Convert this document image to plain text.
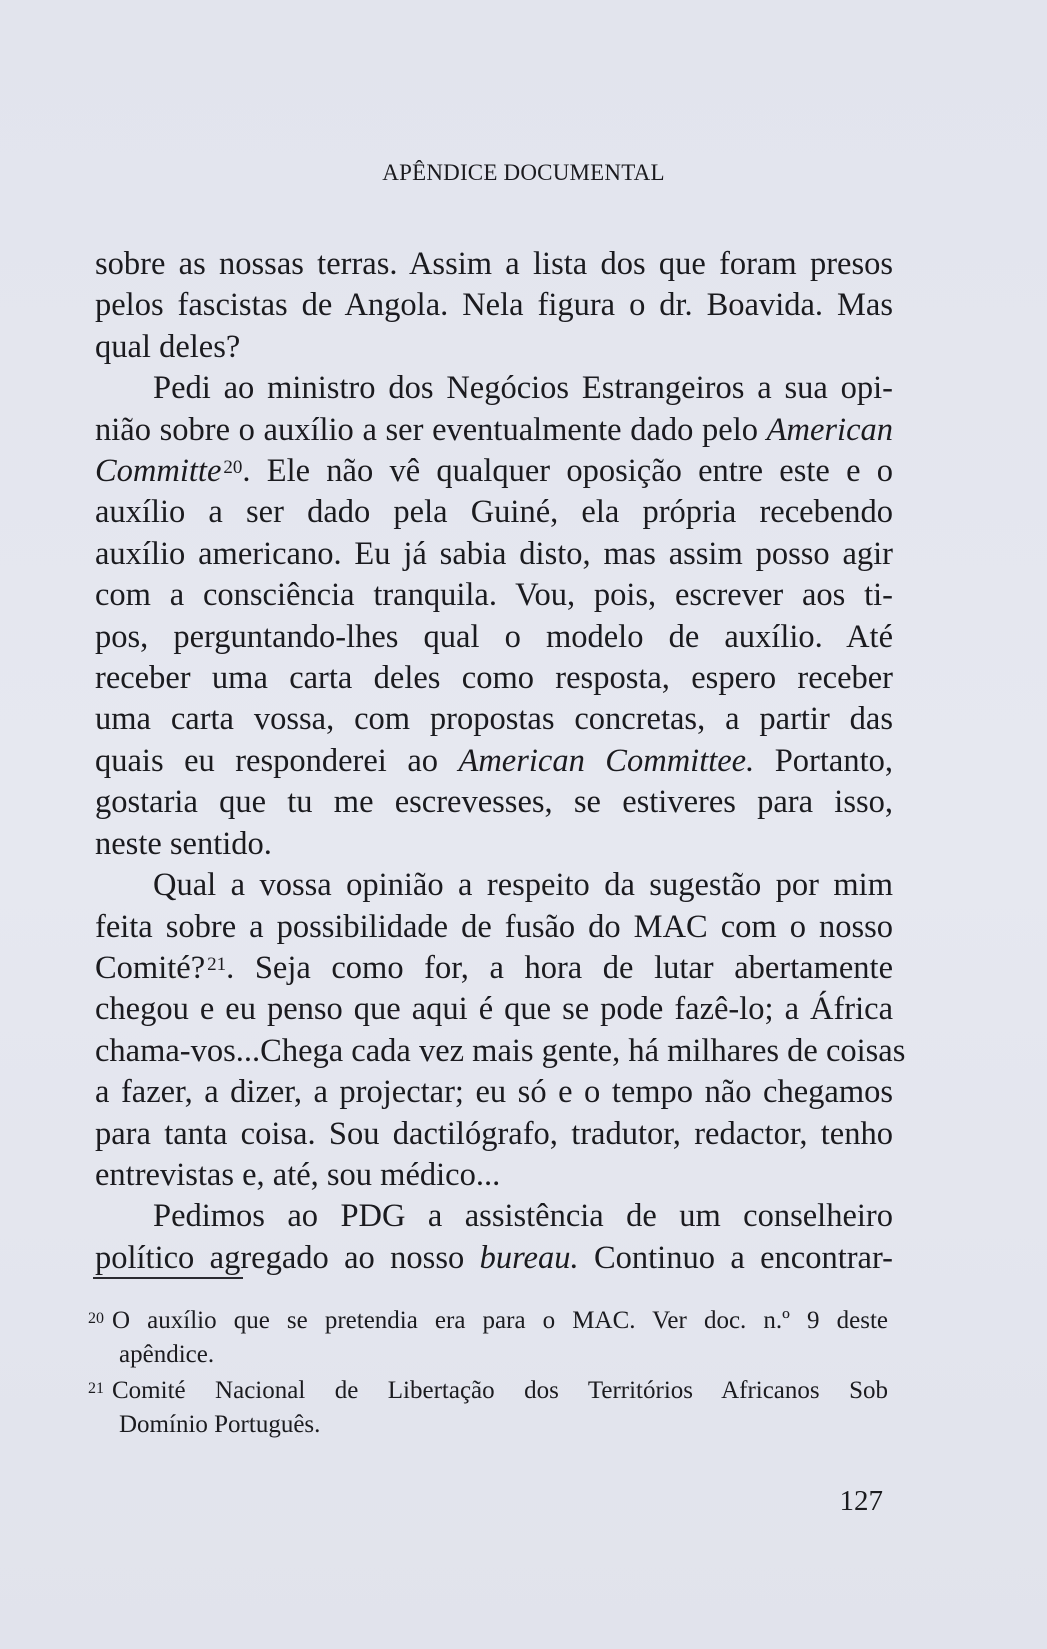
APÊNDICE DOCUMENTAL

sobre as nossas terras. Assim a lista dos que foram presos
pelos fascistas de Angola. Nela figura o dr. Boavida. Mas
qual deles?

Pedi ao ministro dos Negócios Estrangeiros a sua opi-
nião sobre o auxílio a ser eventualmente dado pelo American
Committe $^{20}$. Ele não vê qualquer oposição entre este e o
auxílio a ser dado pela Guiné, ela própria recebendo
auxílio americano. Eu já sabia disto, mas assim posso agir
com a consciência tranquila. Vou, pois, escrever aos ti-
pos, perguntando-lhes qual o modelo de auxílio. Até
receber uma carta deles como resposta, espero receber
uma carta vossa, com propostas concretas, a partir das
quais eu responderei ao American Committee. Portanto,
gostaria que tu me escrevesses, se estiveres para isso,
neste sentido.

Qual a vossa opinião a respeito da sugestão por mim
feita sobre a possibilidade de fusão do MAC com o nosso
Comité? $^{21}$. Seja como for, a hora de lutar abertamente
chegou e eu penso que aqui é que se pode fazê-lo; a África
chama-vos...Chega cada vez mais gente, há milhares de coisas
a fazer, a dizer, a projectar; eu só e o tempo não chegamos
para tanta coisa. Sou dactilógrafo, tradutor, redactor, tenho
entrevistas e, até, sou médico...

Pedimos ao PDG a assistência de um conselheiro
político agregado ao nosso bureau. Continuo a encontrar-

$^{20}$ O auxílio que se pretendia era para o MAC. Ver doc. n.º 9 deste
apêndice.
$^{21}$ Comité Nacional de Libertação dos Territórios Africanos Sob
Domínio Português.
127
